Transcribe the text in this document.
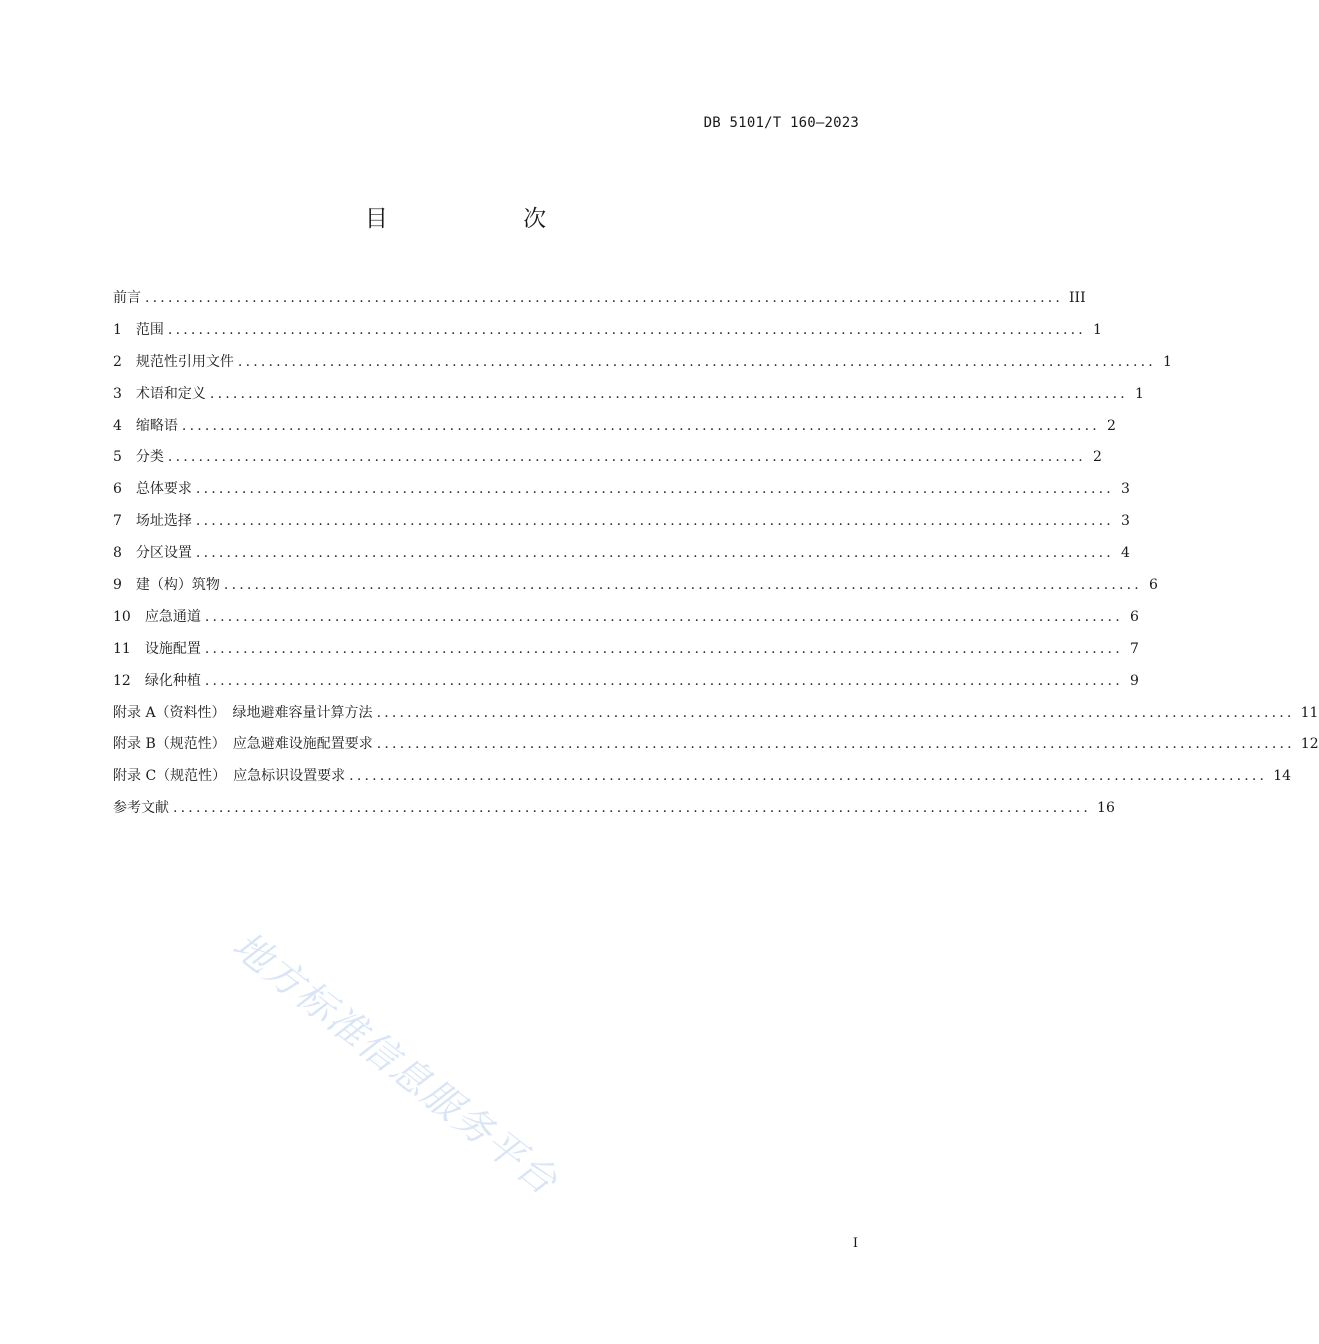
DB 5101/T 160—2023
目 次
前言 ........................................................................................................................ III
1	范围 ........................................................................................................................ 1
2	规范性引用文件 ........................................................................................................................ 1
3	术语和定义 ........................................................................................................................ 1
4	缩略语 ........................................................................................................................ 2
5	分类 ........................................................................................................................ 2
6	总体要求 ........................................................................................................................ 3
7	场址选择 ........................................................................................................................ 3
8	分区设置 ........................................................................................................................ 4
9	建（构）筑物 ........................................................................................................................ 6
10	应急通道 ........................................................................................................................ 6
11	设施配置 ........................................................................................................................ 7
12	绿化种植 ........................................................................................................................ 9
附录 A（资料性）　绿地避难容量计算方法 ........................................................................................................................ 11
附录 B（规范性）　应急避难设施配置要求 ........................................................................................................................ 12
附录 C（规范性）　应急标识设置要求 ........................................................................................................................ 14
参考文献 ........................................................................................................................ 16
地方标准信息服务平台
I
